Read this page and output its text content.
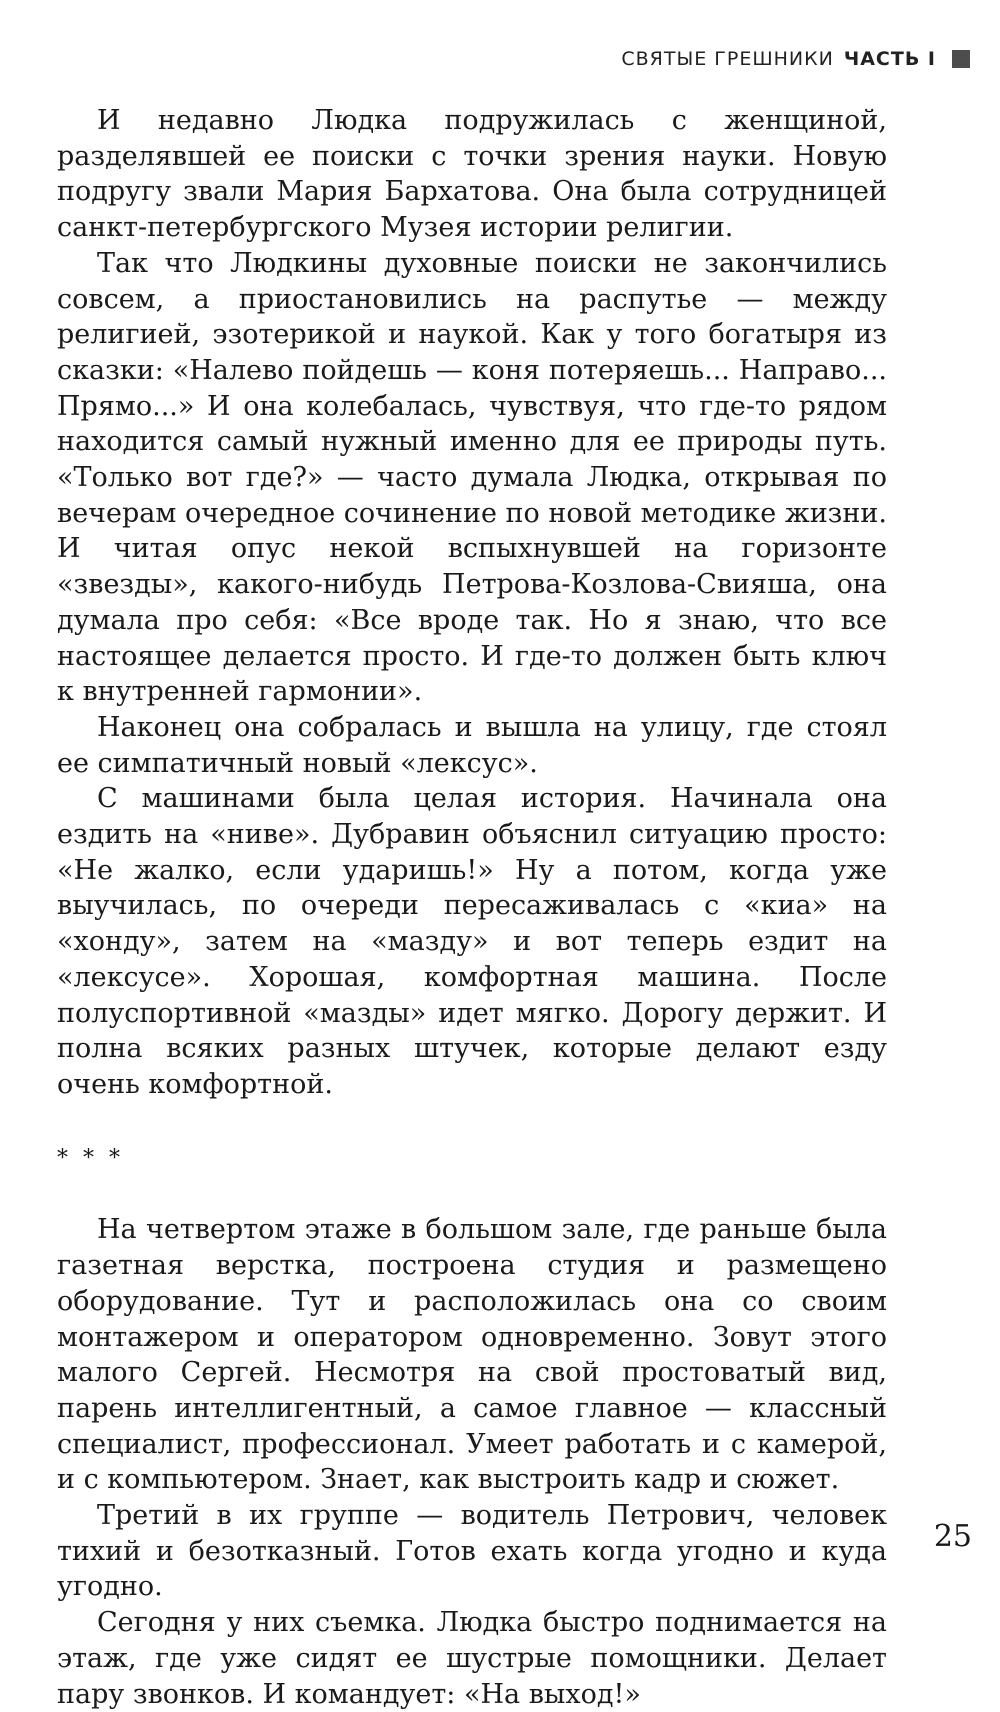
СВЯТЫЕ ГРЕШНИКИ ЧАСТЬ I

И недавно Людка подружилась с женщиной, разделявшей ее поиски с точки зрения науки. Новую подругу звали Мария Бархатова. Она была сотрудницей санкт-петербургского Музея истории религии.

Так что Людкины духовные поиски не закончились совсем, а приостановились на распутье — между религией, эзотерикой и наукой. Как у того богатыря из сказки: «Налево пойдешь — коня потеряешь... Направо... Прямо...» И она колебалась, чувствуя, что где-то рядом находится самый нужный именно для ее природы путь. «Только вот где?» — часто думала Людка, открывая по вечерам очередное сочинение по новой методике жизни. И читая опус некой вспыхнувшей на горизонте «звезды», какого-нибудь Петрова-Козлова-Свияша, она думала про себя: «Все вроде так. Но я знаю, что все настоящее делается просто. И где-то должен быть ключ к внутренней гармонии».

Наконец она собралась и вышла на улицу, где стоял ее симпатичный новый «лексус».

С машинами была целая история. Начинала она ездить на «ниве». Дубравин объяснил ситуацию просто: «Не жалко, если ударишь!» Ну а потом, когда уже выучилась, по очереди пересаживалась с «киа» на «хонду», затем на «мазду» и вот теперь ездит на «лексусе». Хорошая, комфортная машина. После полуспортивной «мазды» идет мягко. Дорогу держит. И полна всяких разных штучек, которые делают езду очень комфортной.

* * *

На четвертом этаже в большом зале, где раньше была газетная верстка, построена студия и размещено оборудование. Тут и расположилась она со своим монтажером и оператором одновременно. Зовут этого малого Сергей. Несмотря на свой простоватый вид, парень интеллигентный, а самое главное — классный специалист, профессионал. Умеет работать и с камерой, и с компьютером. Знает, как выстроить кадр и сюжет.

Третий в их группе — водитель Петрович, человек тихий и безотказный. Готов ехать когда угодно и куда угодно.

Сегодня у них съемка. Людка быстро поднимается на этаж, где уже сидят ее шустрые помощники. Делает пару звонков. И командует: «На выход!»

25
